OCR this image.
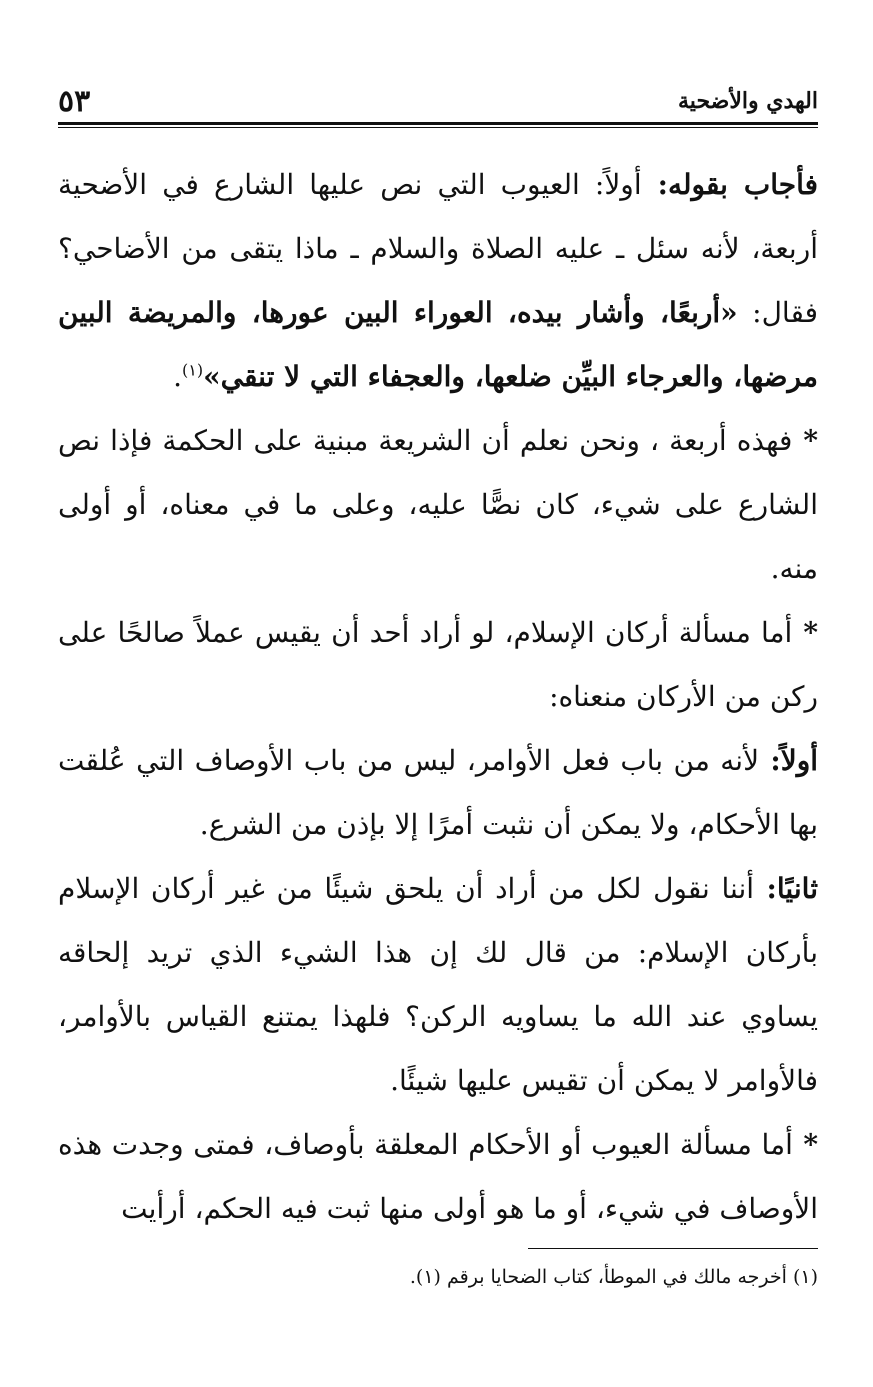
الهدي والأضحية
٥٣

فأجاب بقوله: أولاً: العيوب التي نص عليها الشارع في الأضحية أربعة، لأنه سئل ـ عليه الصلاة والسلام ـ ماذا يتقى من الأضاحي؟ فقال: «أربعًا، وأشار بيده، العوراء البين عورها، والمريضة البين مرضها، والعرجاء البيِّن ضلعها، والعجفاء التي لا تنقي»$^{(١)}$.

* فهذه أربعة ، ونحن نعلم أن الشريعة مبنية على الحكمة فإذا نص الشارع على شيء، كان نصًّا عليه، وعلى ما في معناه، أو أولى منه.

* أما مسألة أركان الإسلام، لو أراد أحد أن يقيس عملاً صالحًا على ركن من الأركان منعناه:

أولاً: لأنه من باب فعل الأوامر، ليس من باب الأوصاف التي عُلقت بها الأحكام، ولا يمكن أن نثبت أمرًا إلا بإذن من الشرع.

ثانيًا: أننا نقول لكل من أراد أن يلحق شيئًا من غير أركان الإسلام بأركان الإسلام: من قال لك إن هذا الشيء الذي تريد إلحاقه يساوي عند الله ما يساويه الركن؟ فلهذا يمتنع القياس بالأوامر، فالأوامر لا يمكن أن تقيس عليها شيئًا.

* أما مسألة العيوب أو الأحكام المعلقة بأوصاف، فمتى وجدت هذه الأوصاف في شيء، أو ما هو أولى منها ثبت فيه الحكم، أرأيت

(١) أخرجه مالك في الموطأ، كتاب الضحايا برقم (١).
